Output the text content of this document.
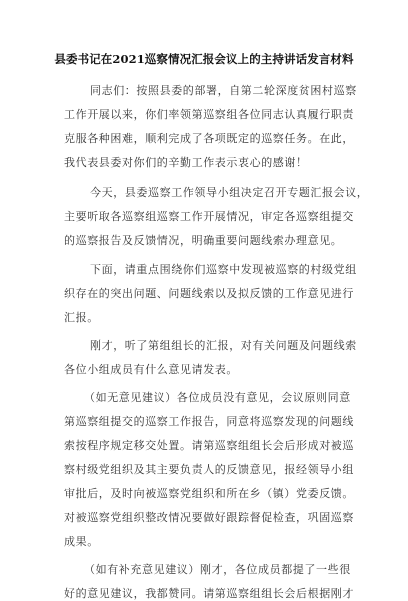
县委书记在2021巡察情况汇报会议上的主持讲话发言材料
同志们：按照县委的部署，自第二轮深度贫困村巡察
工作开展以来，你们率领第巡察组各位同志认真履行职责
克服各种困难，顺利完成了各项既定的巡察任务。在此，
我代表县委对你们的辛勤工作表示衷心的感谢！
今天，县委巡察工作领导小组决定召开专题汇报会议，
主要听取各巡察组巡察工作开展情况，审定各巡察组提交
的巡察报告及反馈情况，明确重要问题线索办理意见。
下面，请重点围绕你们巡察中发现被巡察的村级党组
织存在的突出问题、问题线索以及拟反馈的工作意见进行
汇报。
刚才，听了第组组长的汇报，对有关问题及问题线索
各位小组成员有什么意见请发表。
（如无意见建议）各位成员没有意见，会议原则同意
第巡察组提交的巡察工作报告，同意将巡察发现的问题线
索按程序规定移交处置。请第巡察组组长会后形成对被巡
察村级党组织及其主要负责人的反馈意见，报经领导小组
审批后，及时向被巡察党组织和所在乡（镇）党委反馈。
对被巡察党组织整改情况要做好跟踪督促检查，巩固巡察
成果。
（如有补充意见建议）刚才，各位成员都提了一些很
好的意见建议，我都赞同。请第巡察组组长会后根据刚才
